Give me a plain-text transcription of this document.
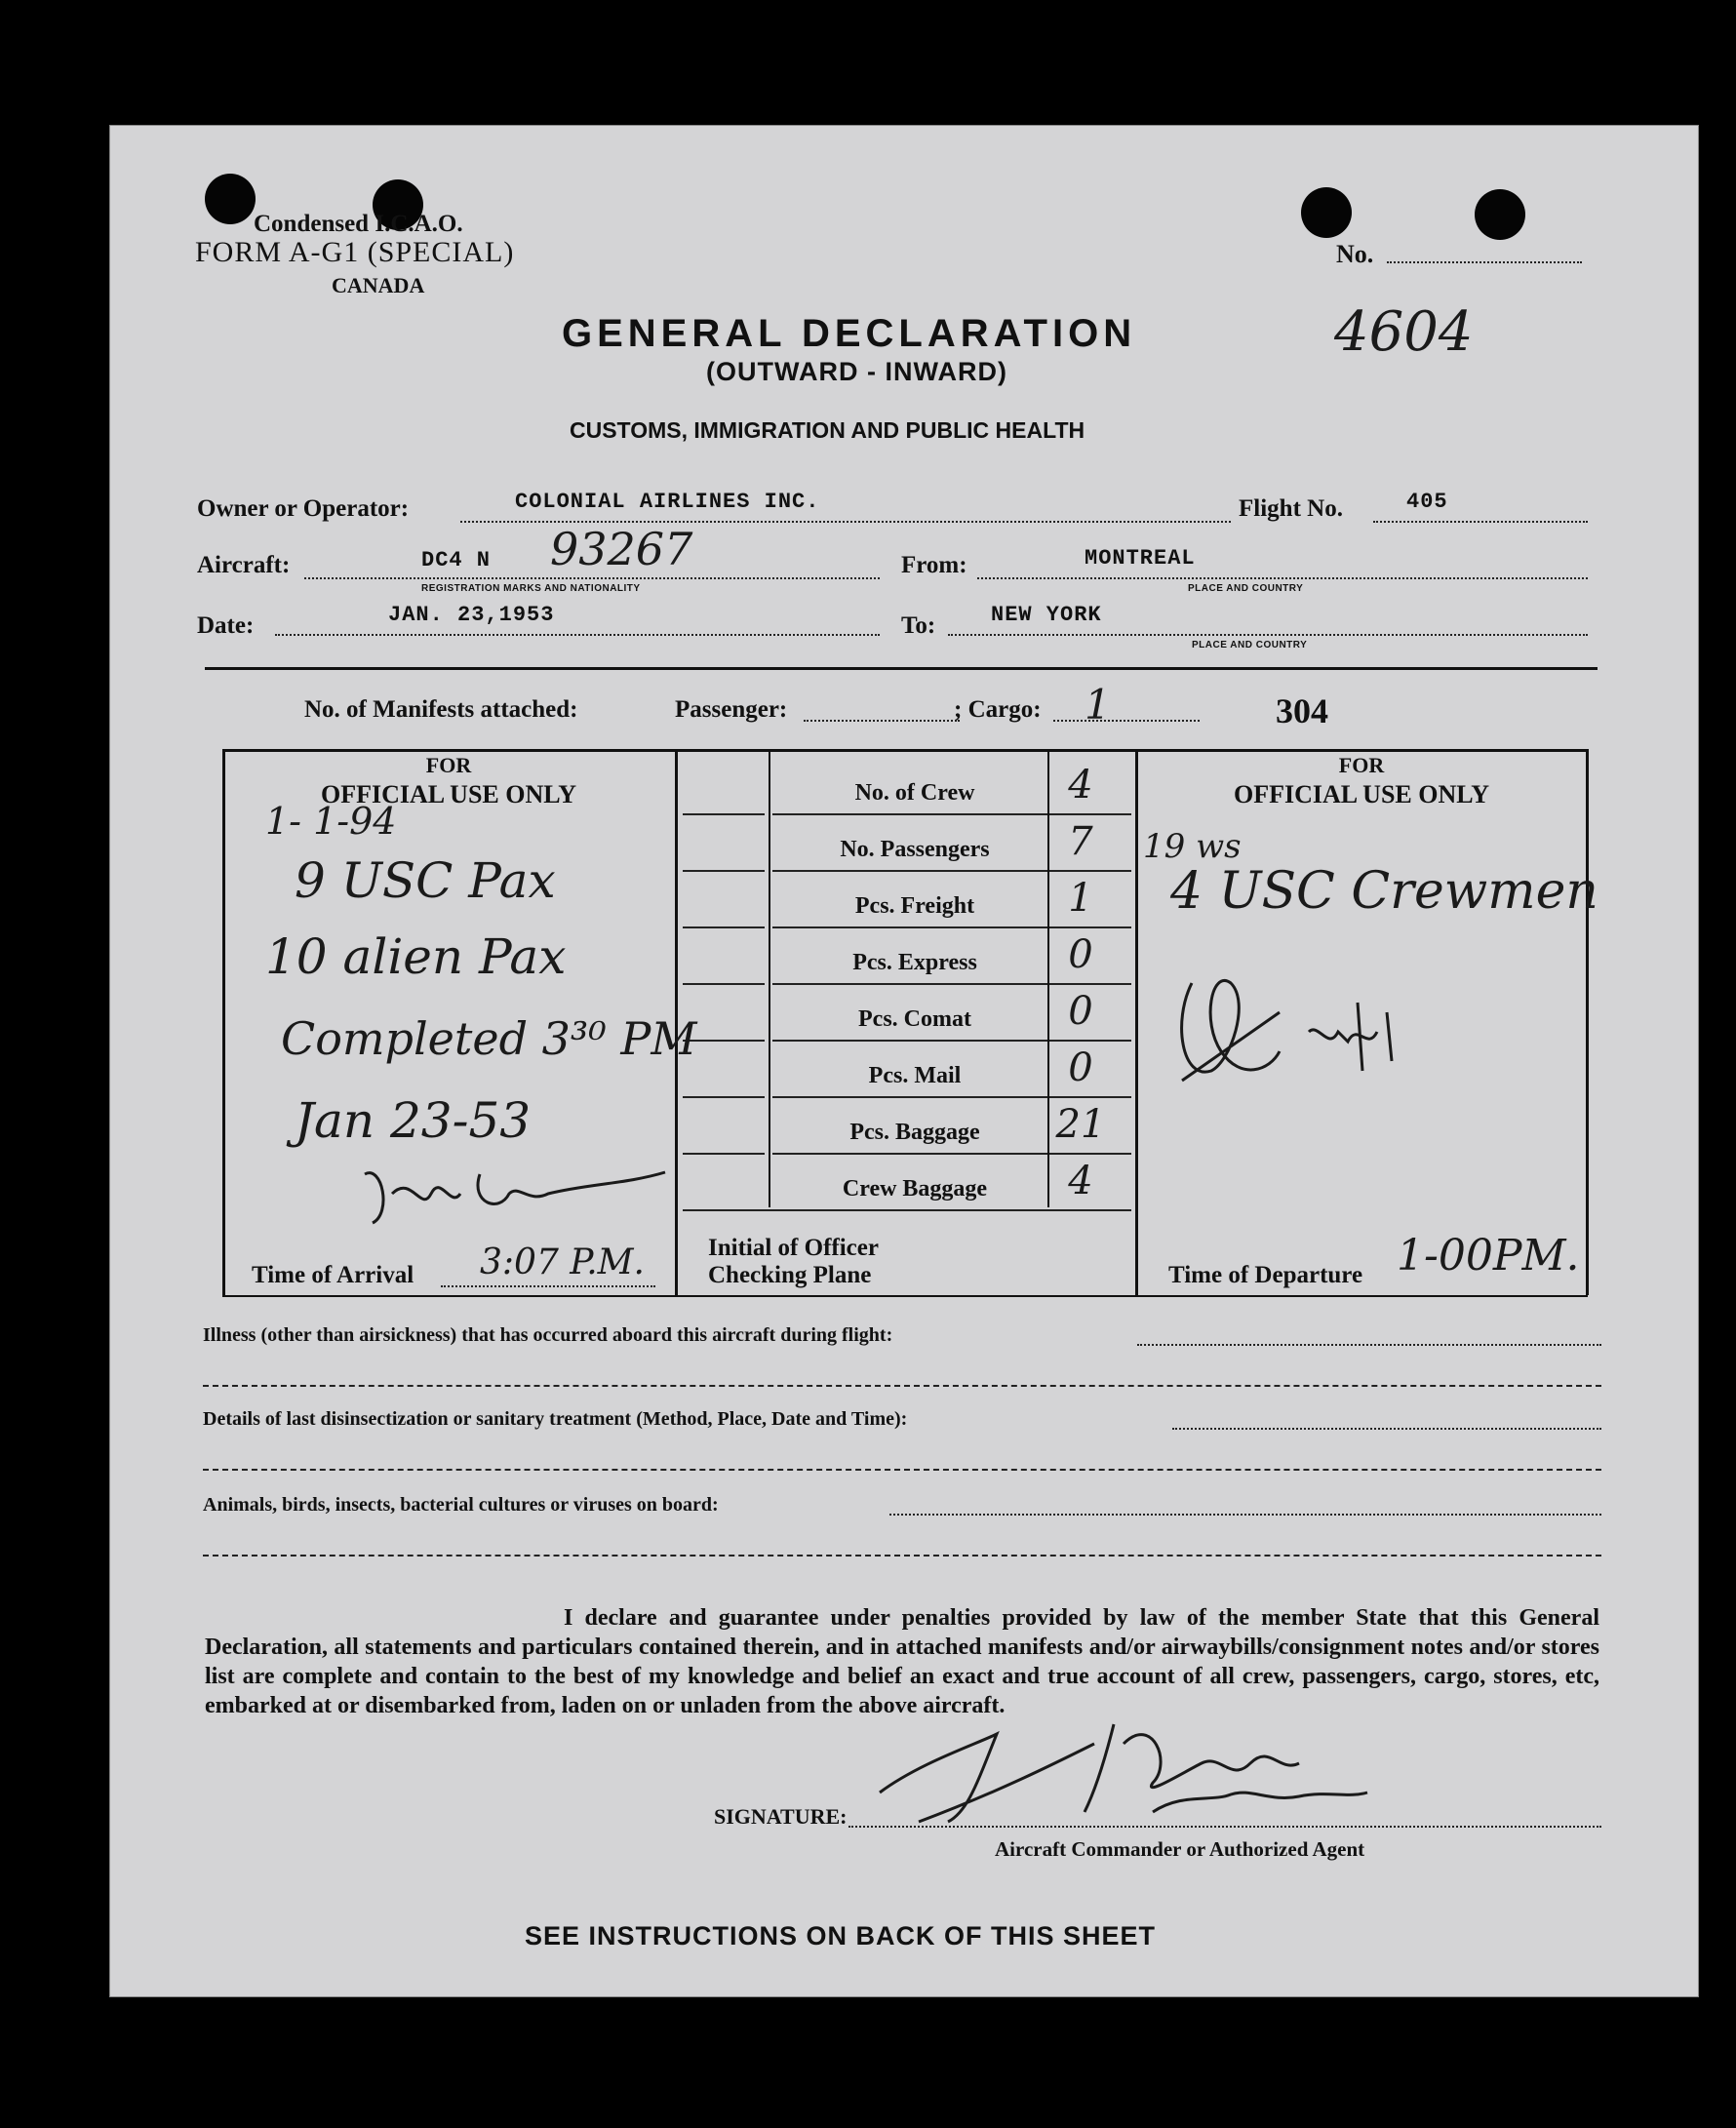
Condensed I.C.A.O.
FORM A-G1 (SPECIAL)
CANADA
No.
GENERAL DECLARATION
(OUTWARD - INWARD)
4604
CUSTOMS, IMMIGRATION AND PUBLIC HEALTH
Owner or Operator:	COLONIAL AIRLINES INC.	Flight No.	405
Aircraft:	DC4 N 93267
REGISTRATION MARKS AND NATIONALITY
From:	MONTREAL
PLACE AND COUNTRY
Date:	JAN. 23,1953	To:	NEW YORK
PLACE AND COUNTRY
No. of Manifests attached:	Passenger:	; Cargo: 1	304
FOR
OFFICIAL USE ONLY
FOR
OFFICIAL USE ONLY
No. of Crew	4
No. Passengers	7
Pcs. Freight	1
Pcs. Express	0
Pcs. Comat	0
Pcs. Mail	0
Pcs. Baggage	21
Crew Baggage	4
1- 1-94
9 USC Pax
10 alien Pax
Completed 3³⁰ PM
Jan 23-53
19 ws
4 USC Crewmen
Time of Arrival 3:07 P.M.	Initial of Officer
Checking Plane	Time of Departure 1-00PM.
Illness (other than airsickness) that has occurred aboard this aircraft during flight:
Details of last disinsectization or sanitary treatment (Method, Place, Date and Time):
Animals, birds, insects, bacterial cultures or viruses on board:
I declare and guarantee under penalties provided by law of the member State that this General Declaration, all statements and particulars contained therein, and in attached manifests and/or airwaybills/consignment notes and/or stores list are complete and contain to the best of my knowledge and belief an exact and true account of all crew, passengers, cargo, stores, etc, embarked at or disembarked from, laden on or unladen from the above aircraft.
SIGNATURE:
Aircraft Commander or Authorized Agent
SEE INSTRUCTIONS ON BACK OF THIS SHEET
